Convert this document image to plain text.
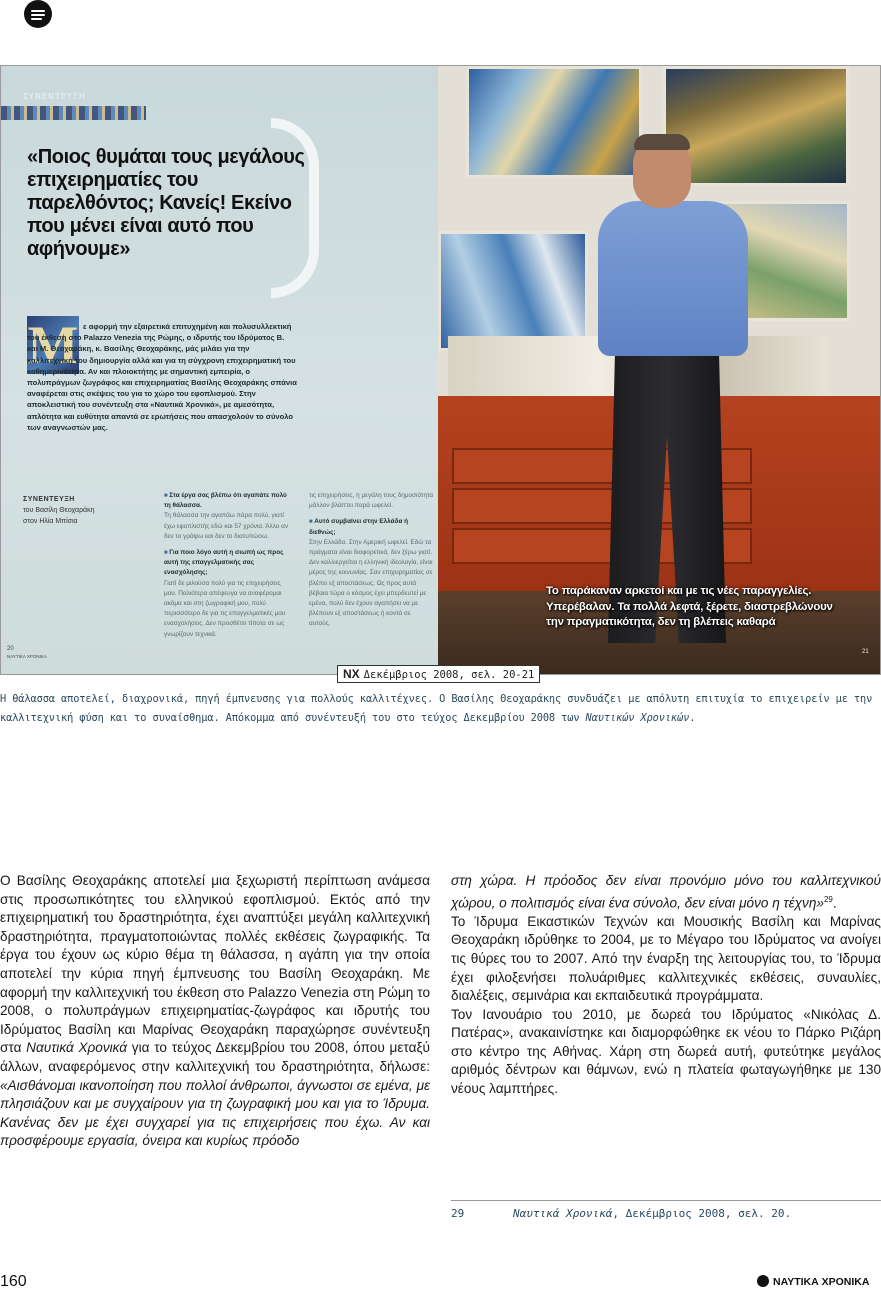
ΣΥΝΕΝΤΕΥΞΗ
«Ποιος θυμάται τους μεγάλους επιχειρηματίες του παρελθόντος; Κανείς! Εκείνο που μένει είναι αυτό που αφήνουμε»
Μ ε αφορμή την εξαιρετικά επιτυχημένη και πολυσυλλεκτική του έκθεση στο Palazzo Venezia της Ρώμης, ο ιδρυτής του Ιδρύματος Β. και Μ. Θεοχαράκη, κ. Βασίλης Θεοχαράκης, μάς μιλάει για την καλλιτεχνική του δημιουργία αλλά και για τη σύγχρονη επιχειρηματική του καθημερινότητα. Αν και πλοιοκτήτης με σημαντική εμπειρία, ο πολυπράγμων ζωγράφος και επιχειρηματίας Βασίλης Θεοχαράκης σπάνια αναφέρεται στις σκέψεις του για το χώρο του εφοπλισμού. Στην αποκλειστική του συνέντευξη στα «Ναυτικά Χρονικά», με αμεσότητα, απλότητα και ευθύτητα απαντά σε ερωτήσεις που απασχολούν το σύνολο των αναγνωστών μας.
ΣΥΝΕΝΤΕΥΞΗ
του Βασίλη Θεοχαράκη
στον Ηλία Μπίσια
■ Στα έργα σας βλέπω ότι αγαπάτε πολύ τη θάλασσα.
Τη θάλασσα την αγαπάω πάρα πολύ, γιατί έχω εφοπλιστής εδώ και 57 χρόνια. Άλλο αν δεν το γράψω και δεν το διατυπώσω.
■ Για ποιο λόγο αυτή η σιωπή ως προς αυτή της επαγγελματικής σας ενασχόλησης;
Γιατί δε μιλούσα πολύ για τις επιχειρήσεις μου. Παλιότερα απέφευγα να αναφέρομαι ακόμα και στη ζωγραφική μου, πολύ περισσότερο δε για τις επαγγελματικές μου ενασχολήσεις. Δεν προσθέτει τίποτα σε ως γνωρίζουν τεχνικά.
τις επιχειρήσεις, η μεγάλη τους δημοσιότητα μάλλον βλάπτει παρά ωφελεί.
■ Αυτό συμβαίνει στην Ελλάδα ή διεθνώς;
Στην Ελλάδα. Στην Αμερική ωφελεί. Εδώ τα πράγματα είναι διαφορετικά, δεν ξέρω γιατί. Δεν καλλιεργείται η ελληνική ιδεολογία, είναι μέρος της κοινωνίας. Σαν επιχειρηματίας σε βλέπει εξ αποστάσεως. Ως προς αυτά βέβαια τώρα ο κόσμος έχει μπερδευτεί με εμένα, πολύ δεν έχουν αγαπήσει να με βλέπουν εξ αποστάσεως ή κοντά σε αυτούς.
20
ΝΑΥΤΙΚΑ ΧΡΟΝΙΚΑ
Το παράκαναν αρκετοί και με τις νέες παραγγελίες. Υπερέβαλαν. Τα πολλά λεφτά, ξέρετε, διαστρεβλώνουν την πραγματικότητα, δεν τη βλέπεις καθαρά
21
NX Δεκέμβριος 2008, σελ. 20-21
Η θάλασσα αποτελεί, διαχρονικά, πηγή έμπνευσης για πολλούς καλλιτέχνες. Ο Βασίλης Θεοχαράκης συνδυάζει με απόλυτη επιτυχία το επιχειρείν με την καλλιτεχνική φύση και το συναίσθημα. Απόκομμα από συνέντευξή του στο τεύχος Δεκεμβρίου 2008 των Ναυτικών Χρονικών.

Ο Βασίλης Θεοχαράκης αποτελεί μια ξεχωριστή περίπτωση ανάμεσα στις προσωπικότητες του ελληνικού εφοπλισμού. Εκτός από την επιχειρηματική του δραστηριότητα, έχει αναπτύξει μεγάλη καλλιτεχνική δραστηριότητα, πραγματοποιώντας πολλές εκθέσεις ζωγραφικής. Τα έργα του έχουν ως κύριο θέμα τη θάλασσα, η αγάπη για την οποία αποτελεί την κύρια πηγή έμπνευσης του Βασίλη Θεοχαράκη. Με αφορμή την καλλιτεχνική του έκθεση στο Palazzo Venezia στη Ρώμη το 2008, ο πολυπράγμων επιχειρηματίας-ζωγράφος και ιδρυτής του Ιδρύματος Βασίλη και Μαρίνας Θεοχαράκη παραχώρησε συνέντευξη στα Ναυτικά Χρονικά για το τεύχος Δεκεμβρίου του 2008, όπου μεταξύ άλλων, αναφερόμενος στην καλλιτεχνική του δραστηριότητα, δήλωσε: «Αισθάνομαι ικανοποίηση που πολλοί άνθρωποι, άγνωστοι σε εμένα, με πλησιάζουν και με συγχαίρουν για τη ζωγραφική μου και για το Ίδρυμα. Κανένας δεν με έχει συγχαρεί για τις επιχειρήσεις που έχω. Αν και προσφέρουμε εργασία, όνειρα και κυρίως πρόοδο

στη χώρα. Η πρόοδος δεν είναι προνόμιο μόνο του καλλιτεχνικού χώρου, ο πολιτισμός είναι ένα σύνολο, δεν είναι μόνο η τέχνη»$^{29}$.

Το Ίδρυμα Εικαστικών Τεχνών και Μουσικής Βασίλη και Μαρίνας Θεοχαράκη ιδρύθηκε το 2004, με το Μέγαρο του Ιδρύματος να ανοίγει τις θύρες του το 2007. Από την έναρξη της λειτουργίας του, το Ίδρυμα έχει φιλοξενήσει πολυάριθμες καλλιτεχνικές εκθέσεις, συναυλίες, διαλέξεις, σεμινάρια και εκπαιδευτικά προγράμματα.

Τον Ιανουάριο του 2010, με δωρεά του Ιδρύματος «Νικόλας Δ. Πατέρας», ανακαινίστηκε και διαμορφώθηκε εκ νέου το Πάρκο Ριζάρη στο κέντρο της Αθήνας. Χάρη στη δωρεά αυτή, φυτεύτηκε μεγάλος αριθμός δέντρων και θάμνων, ενώ η πλατεία φωταγωγήθηκε με 130 νέους λαμπτήρες.

29	Ναυτικά Χρονικά, Δεκέμβριος 2008, σελ. 20.
160	ΝΑΥΤΙΚΑ ΧΡΟΝΙΚΑ
